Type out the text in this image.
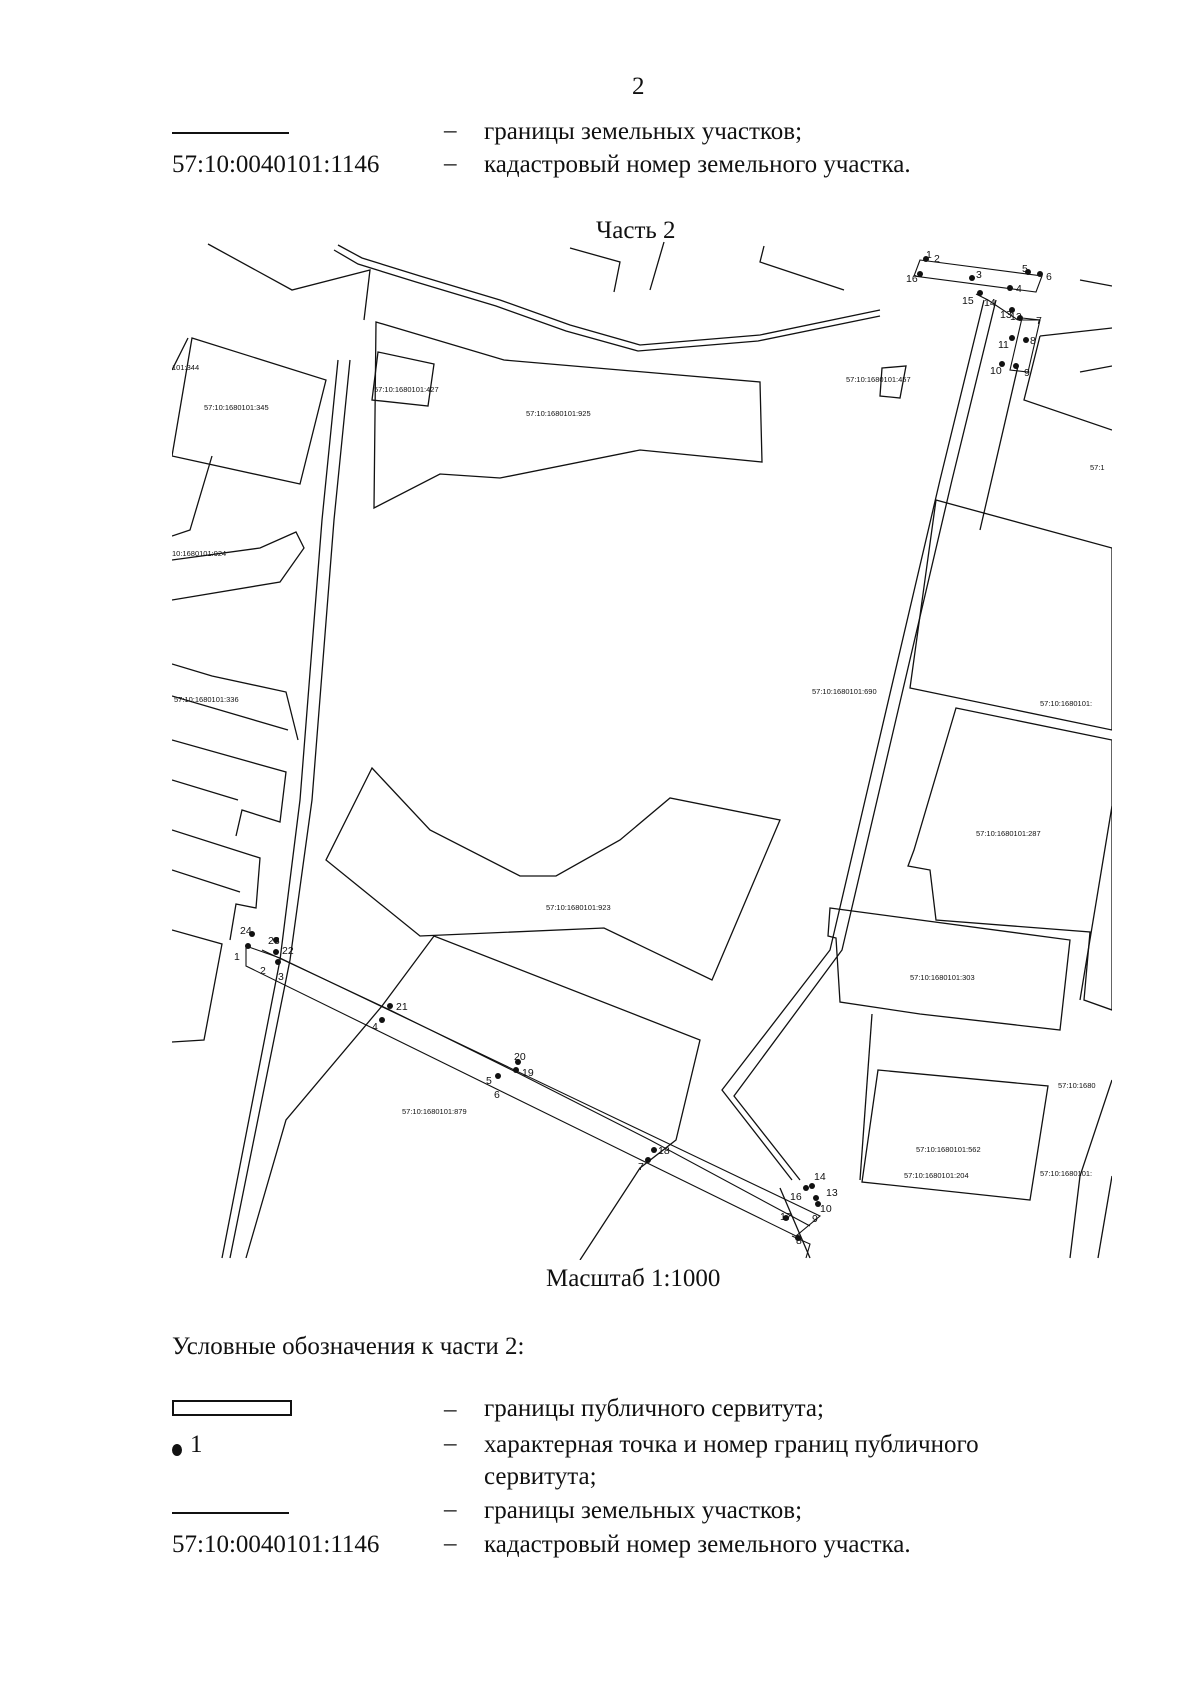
2
– границы земельных участков;
57:10:0040101:1146	– кадастровый номер земельного участка.
Часть 2
101:344
57:10:1680101:345
57:10:1680101:427
57:10:1680101:925
57:10:1680101:457
57:1
10:1680101:924
57:10:1680101:336
57:10:1680101:690
57:10:1680101:
57:10:1680101:287
57:10:1680101:923
57:10:1680101:303
57:10:1680101:879
57:10:1680
57:10:1680101:562
57:10:1680101:204	57:10:1680101:
1 2
3
4
5
6
7
8
9
10
11
12
13
14
15
16
1
2 3
4
5
6
7
8
9
10
13
14
16
17
18
19
20
21
22
23
24
Масштаб 1:1000
Условные обозначения к части 2:
– границы публичного сервитута;
1	– характерная точка и номер границ публичного
сервитута;
– границы земельных участков;
57:10:0040101:1146	– кадастровый номер земельного участка.
